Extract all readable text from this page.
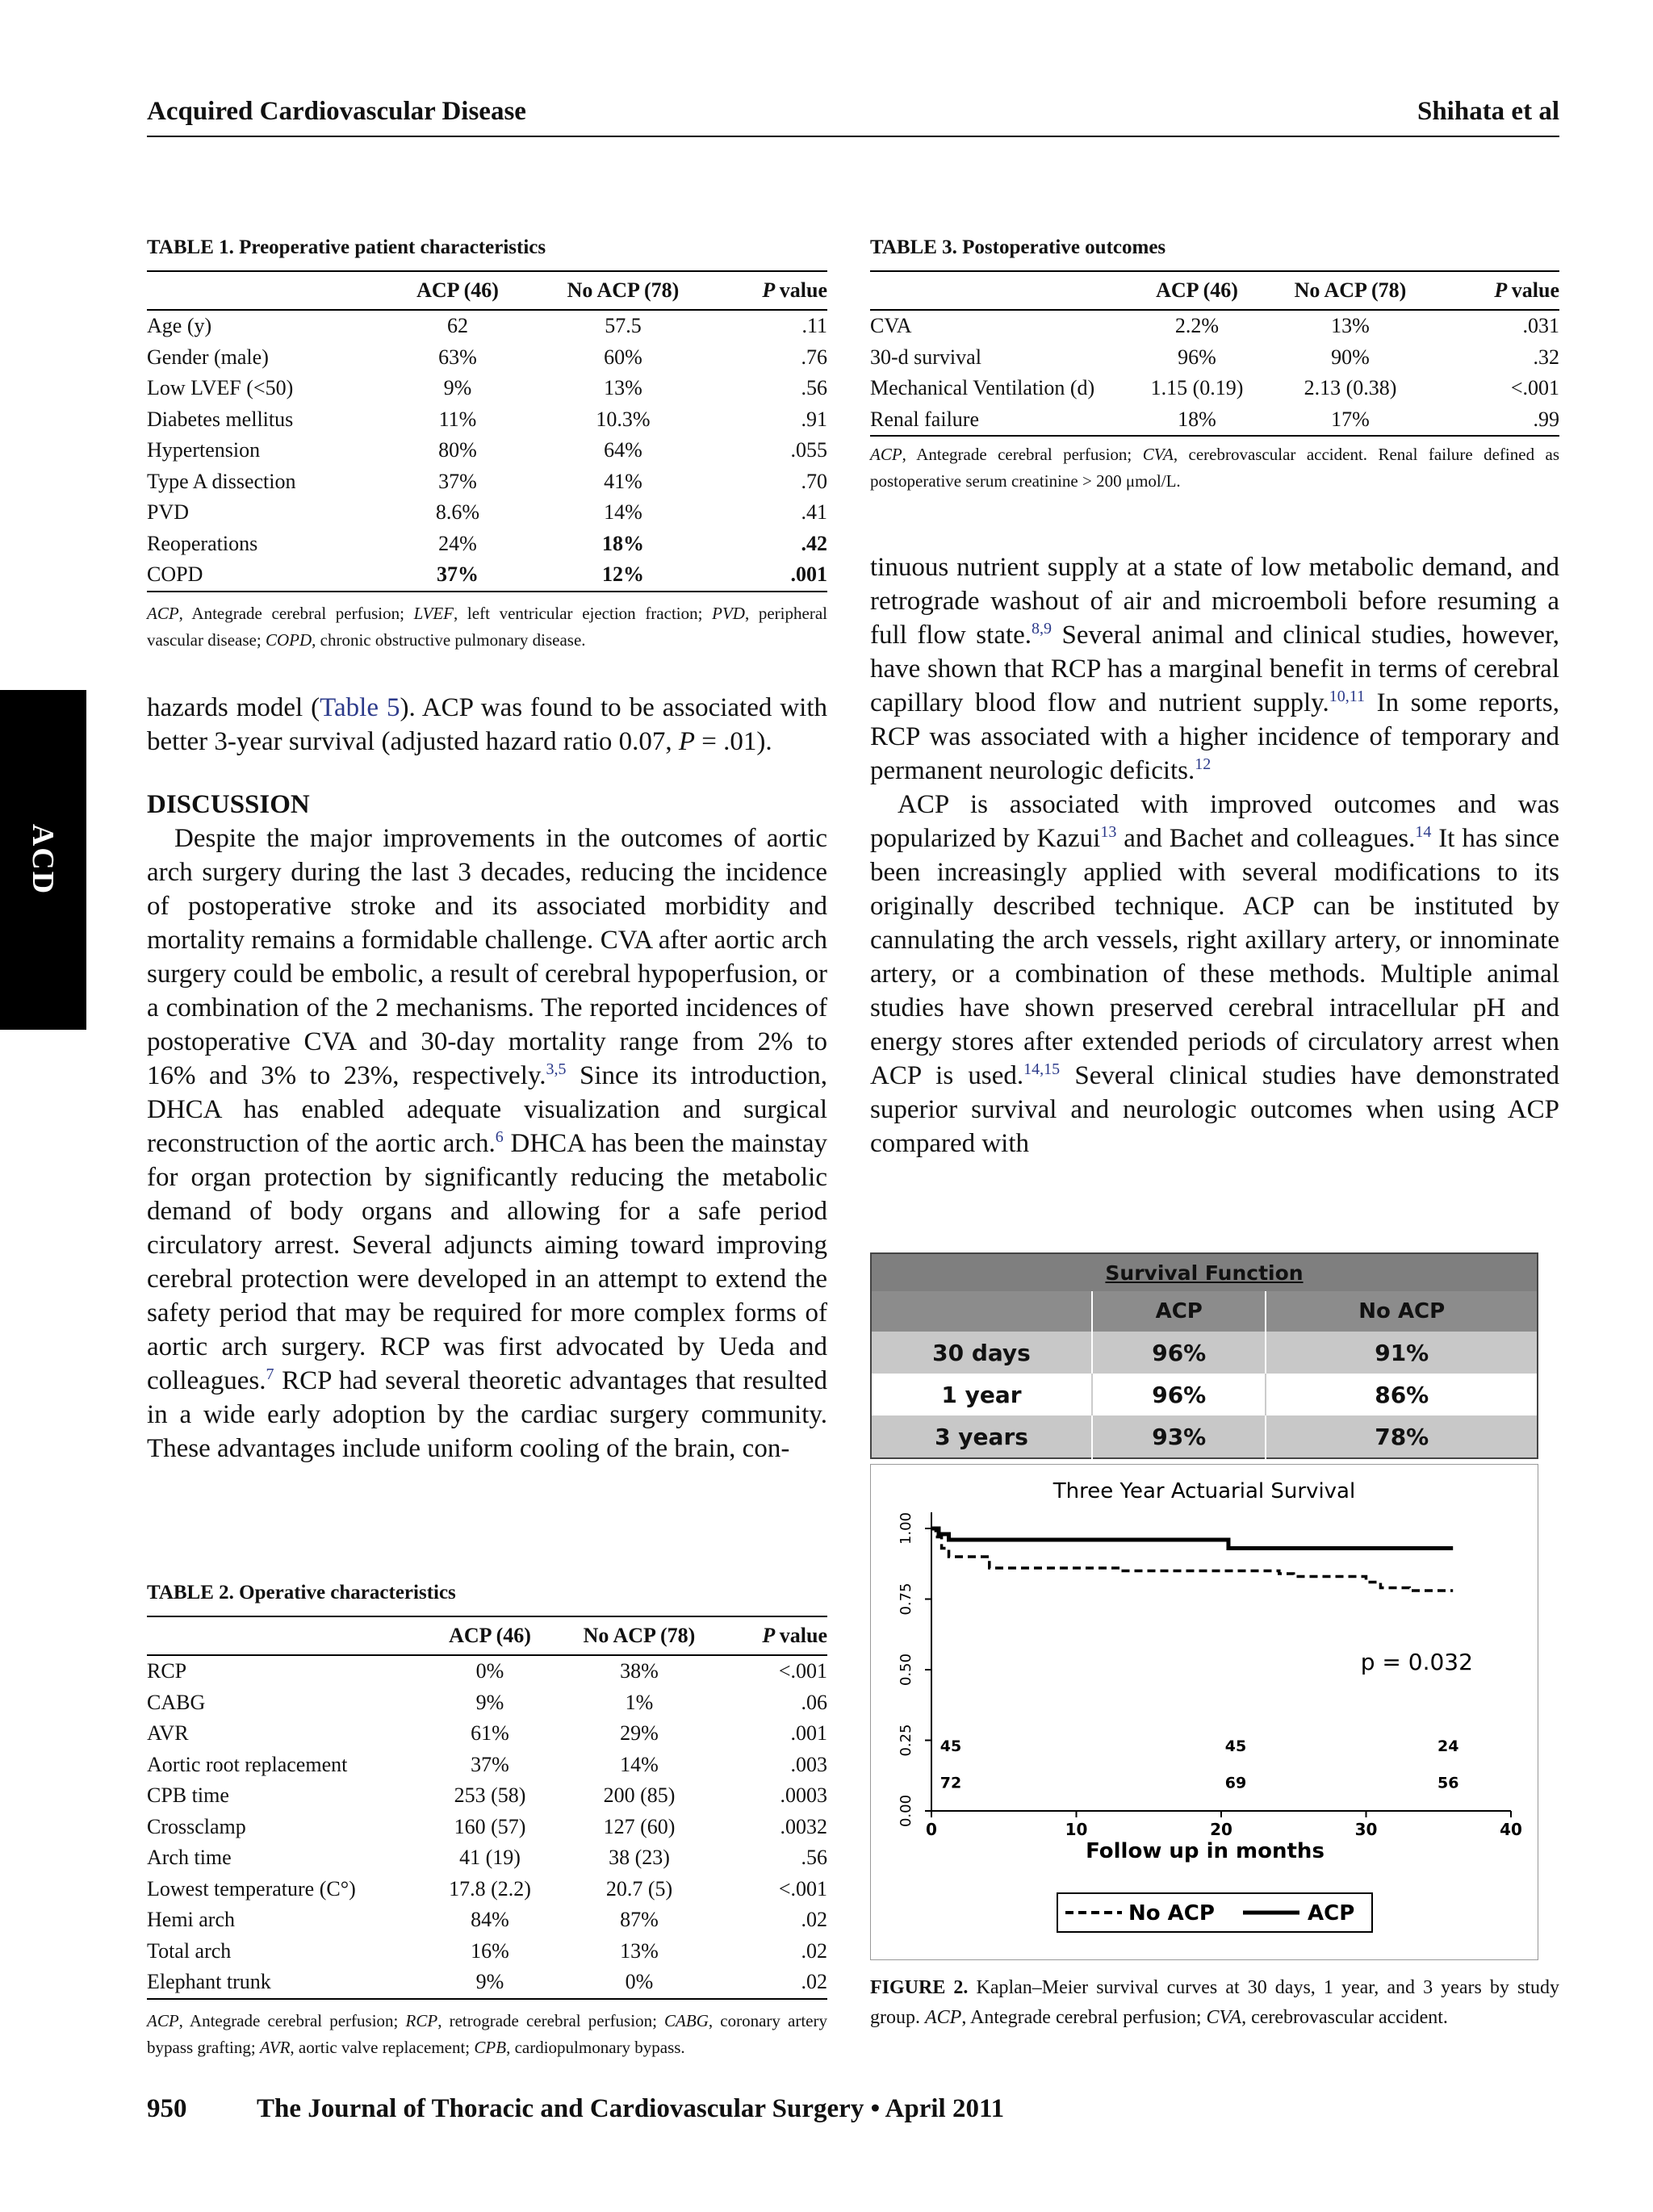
Acquired Cardiovascular Disease	Shihata et al
ACD
TABLE 1. Preoperative patient characteristics
	ACP (46)	No ACP (78)	P value
Age (y)	62	57.5	.11
Gender (male)	63%	60%	.76
Low LVEF (<50)	9%	13%	.56
Diabetes mellitus	11%	10.3%	.91
Hypertension	80%	64%	.055
Type A dissection	37%	41%	.70
PVD	8.6%	14%	.41
Reoperations	24%	18%	.42
COPD	37%	12%	.001
ACP, Antegrade cerebral perfusion; LVEF, left ventricular ejection fraction; PVD, peripheral vascular disease; COPD, chronic obstructive pulmonary disease.

hazards model (Table 5). ACP was found to be associated with better 3-year survival (adjusted hazard ratio 0.07, P = .01).

DISCUSSION

Despite the major improvements in the outcomes of aortic arch surgery during the last 3 decades, reducing the incidence of postoperative stroke and its associated morbidity and mortality remains a formidable challenge. CVA after aortic arch surgery could be embolic, a result of cerebral hypoperfusion, or a combination of the 2 mechanisms. The reported incidences of postoperative CVA and 30-day mortality range from 2% to 16% and 3% to 23%, respectively.$^{3,5}$ Since its introduction, DHCA has enabled adequate visualization and surgical reconstruction of the aortic arch.$^6$ DHCA has been the mainstay for organ protection by significantly reducing the metabolic demand of body organs and allowing for a safe period circulatory arrest. Several adjuncts aiming toward improving cerebral protection were developed in an attempt to extend the safety period that may be required for more complex forms of aortic arch surgery. RCP was first advocated by Ueda and colleagues.$^7$ RCP had several theoretic advantages that resulted in a wide early adoption by the cardiac surgery community. These advantages include uniform cooling of the brain, con-

TABLE 2. Operative characteristics
	ACP (46)	No ACP (78)	P value
RCP	0%	38%	<.001
CABG	9%	1%	.06
AVR	61%	29%	.001
Aortic root replacement	37%	14%	.003
CPB time	253 (58)	200 (85)	.0003
Crossclamp	160 (57)	127 (60)	.0032
Arch time	41 (19)	38 (23)	.56
Lowest temperature (C°)	17.8 (2.2)	20.7 (5)	<.001
Hemi arch	84%	87%	.02
Total arch	16%	13%	.02
Elephant trunk	9%	0%	.02
ACP, Antegrade cerebral perfusion; RCP, retrograde cerebral perfusion; CABG, coronary artery bypass grafting; AVR, aortic valve replacement; CPB, cardiopulmonary bypass.
TABLE 3. Postoperative outcomes
	ACP (46)	No ACP (78)	P value
CVA	2.2%	13%	.031
30-d survival	96%	90%	.32
Mechanical Ventilation (d)	1.15 (0.19)	2.13 (0.38)	<.001
Renal failure	18%	17%	.99
ACP, Antegrade cerebral perfusion; CVA, cerebrovascular accident. Renal failure defined as postoperative serum creatinine > 200 μmol/L.

tinuous nutrient supply at a state of low metabolic demand, and retrograde washout of air and microemboli before resuming a full flow state.$^{8,9}$ Several animal and clinical studies, however, have shown that RCP has a marginal benefit in terms of cerebral capillary blood flow and nutrient supply.$^{10,11}$ In some reports, RCP was associated with a higher incidence of temporary and permanent neurologic deficits.$^{12}$

ACP is associated with improved outcomes and was popularized by Kazui$^{13}$ and Bachet and colleagues.$^{14}$ It has since been increasingly applied with several modifications to its originally described technique. ACP can be instituted by cannulating the arch vessels, right axillary artery, or innominate artery, or a combination of these methods. Multiple animal studies have shown preserved cerebral intracellular pH and energy stores after extended periods of circulatory arrest when ACP is used.$^{14,15}$ Several clinical studies have demonstrated superior survival and neurologic outcomes when using ACP compared with

Survival Function		
	ACP	No ACP
30 days	96%	91%
1 year	96%	86%
3 years	93%	78%
Three Year Actuarial Survival
0.00
0.25
0.50
0.75
1.00
0	10	20	30	40
Follow up in months
p = 0.032
45
72
45
69
24
56
No ACP	ACP
FIGURE 2. Kaplan–Meier survival curves at 30 days, 1 year, and 3 years by study group. ACP, Antegrade cerebral perfusion; CVA, cerebrovascular accident.
950	The Journal of Thoracic and Cardiovascular Surgery • April 2011
